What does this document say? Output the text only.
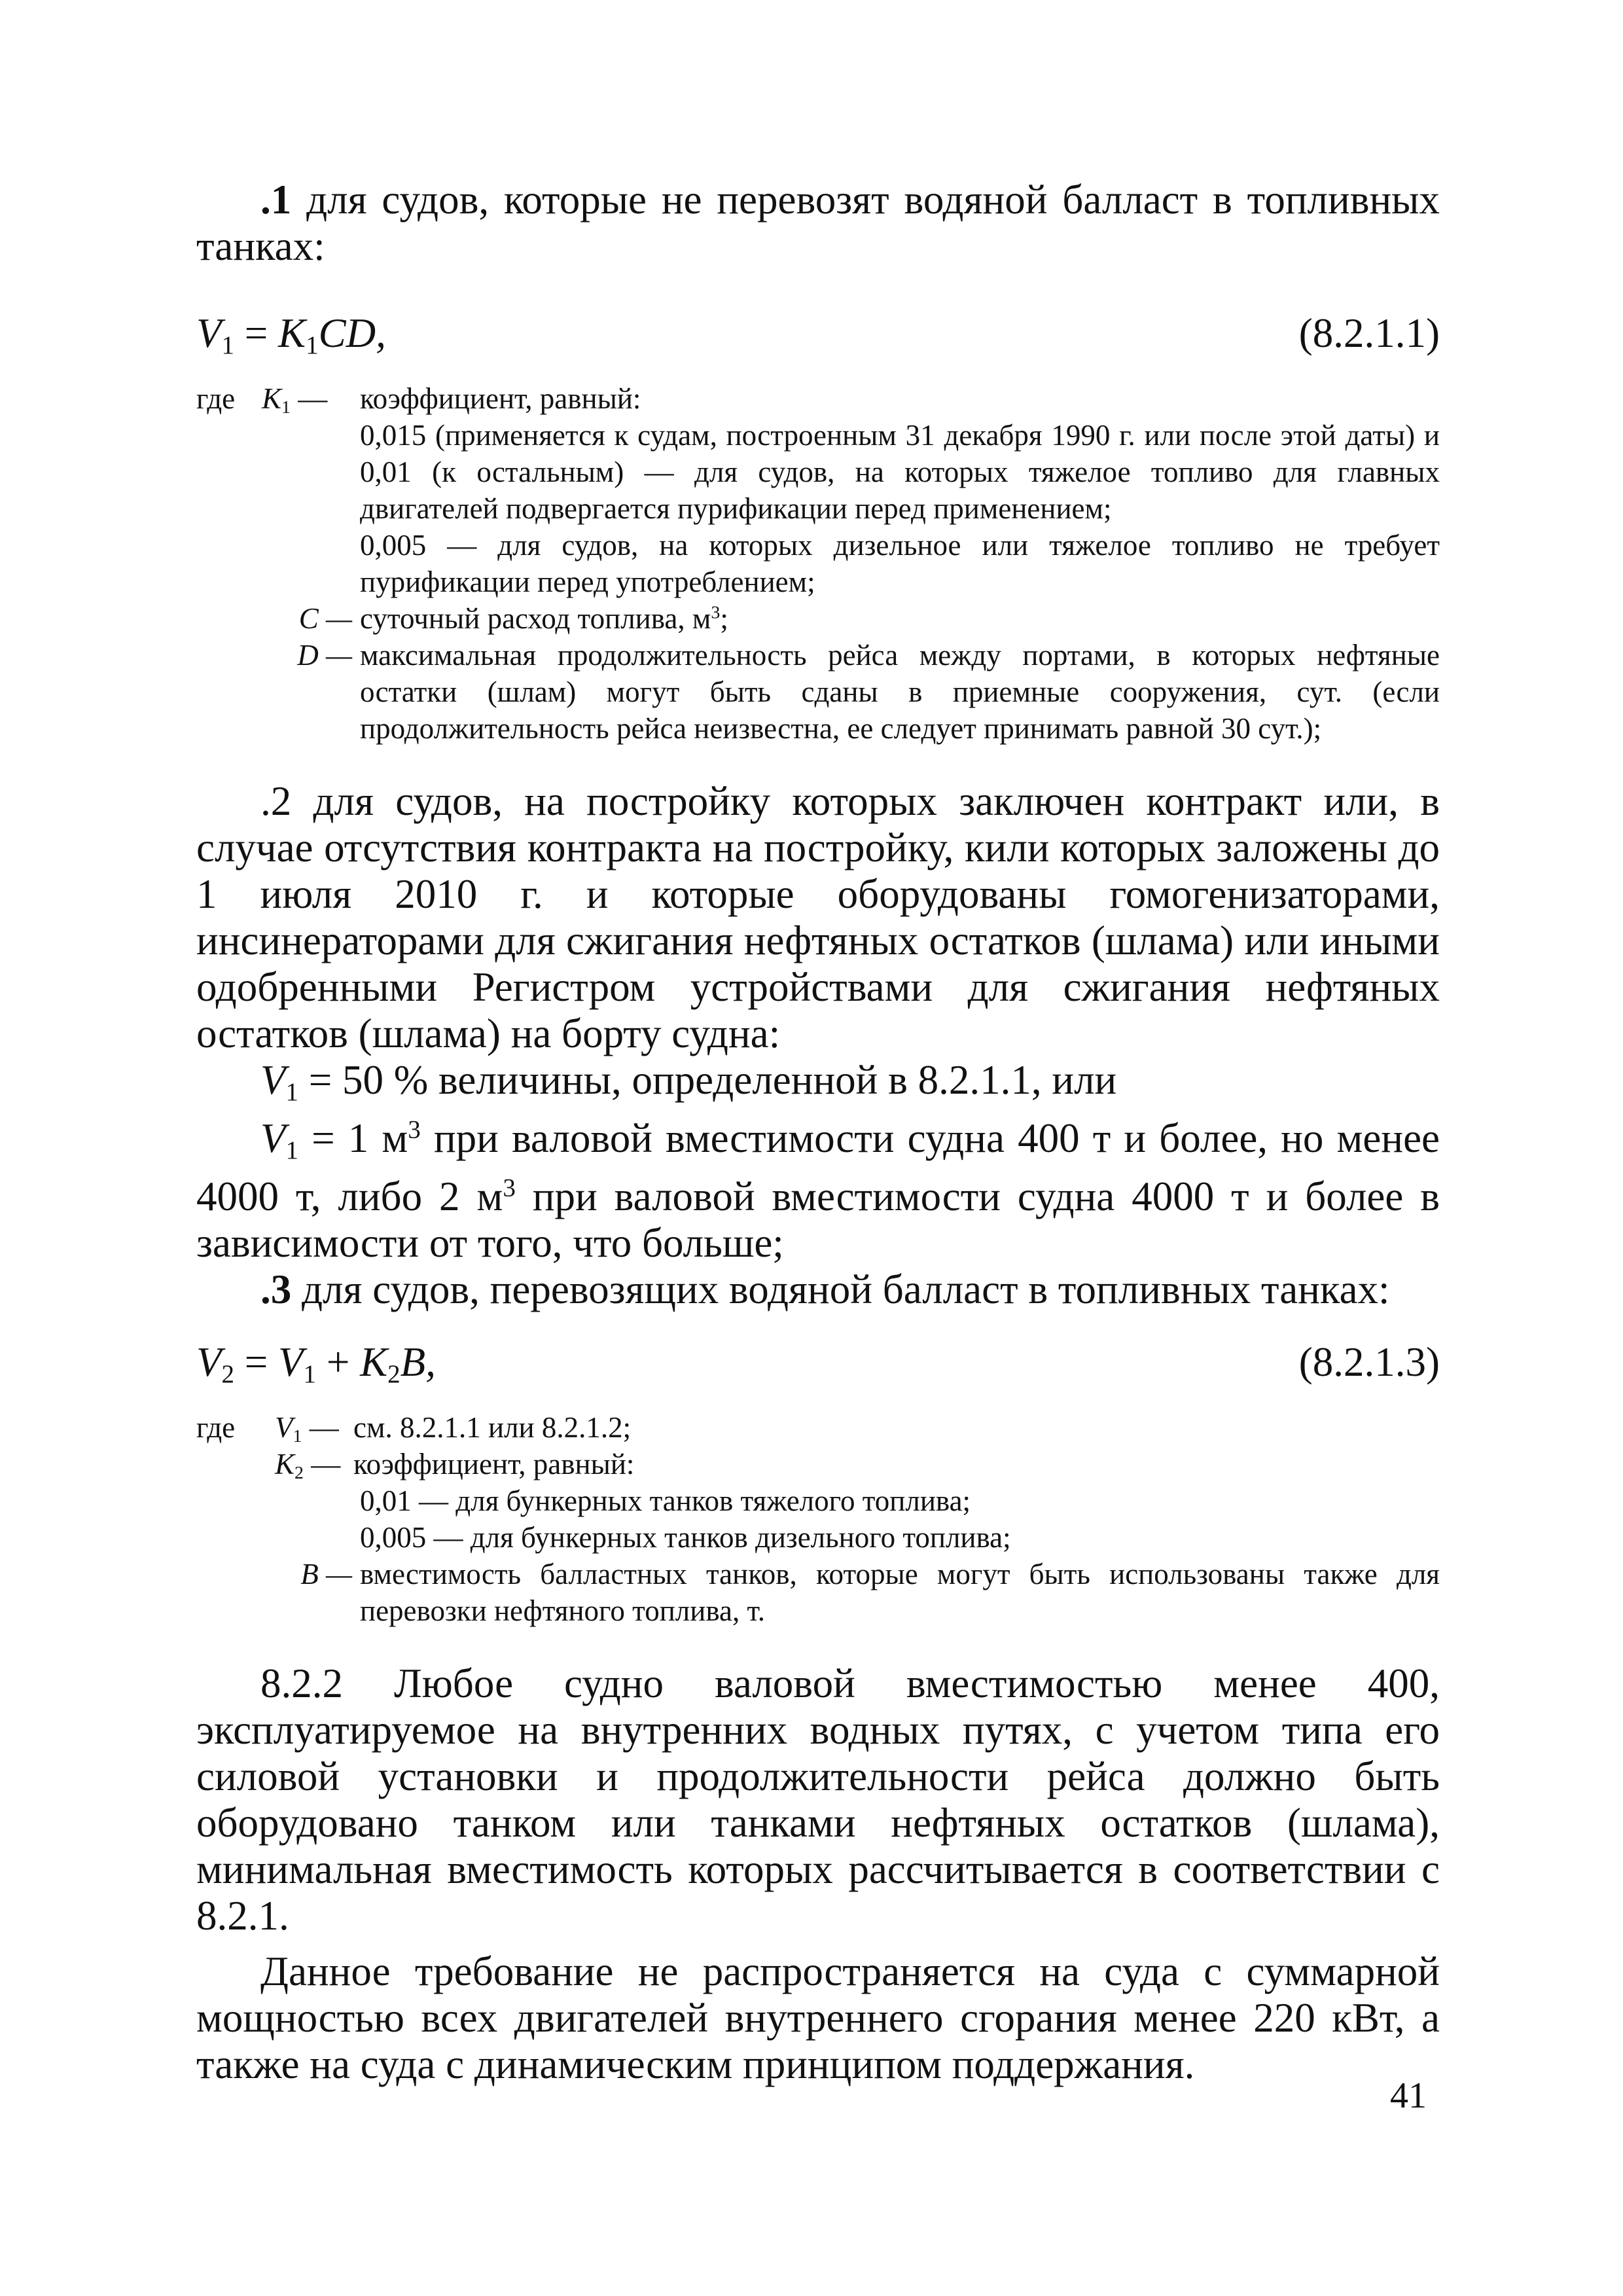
.1 для судов, которые не перевозят водяной балласт в топливных танках:

$V_1 = K_1CD$,	(8.2.1.1)
где $K_1$ —	коэффициент, равный:
0,015 (применяется к судам, построенным 31 декабря 1990 г. или после этой даты) и 0,01 (к остальным) — для судов, на которых тяжелое топливо для главных двигателей подвергается пурификации перед применением;
0,005 — для судов, на которых дизельное или тяжелое топливо не требует пурификации перед употреблением;
C — суточный расход топлива, $м^3$;
D — максимальная продолжительность рейса между портами, в которых нефтяные остатки (шлам) могут быть сданы в приемные сооружения, сут. (если продолжительность рейса неизвестна, ее следует принимать равной 30 сут.);

.2 для судов, на постройку которых заключен контракт или, в случае отсутствия контракта на постройку, кили которых заложены до 1 июля 2010 г. и которые оборудованы гомогенизаторами, инсинераторами для сжигания нефтяных остатков (шлама) или иными одобренными Регистром устройствами для сжигания нефтяных остатков (шлама) на борту судна:

$V_1 = 50$ % величины, определенной в 8.2.1.1, или

$V_1 = 1$ $м^3$ при валовой вместимости судна 400 т и более, но менее 4000 т, либо 2 $м^3$ при валовой вместимости судна 4000 т и более в зависимости от того, что больше;

.3 для судов, перевозящих водяной балласт в топливных танках:

$V_2 = V_1 + K_2B$,	(8.2.1.3)
где $V_1$ — см. 8.2.1.1 или 8.2.1.2;
$K_2$ — коэффициент, равный:
0,01 — для бункерных танков тяжелого топлива;
0,005 — для бункерных танков дизельного топлива;
B — вместимость балластных танков, которые могут быть использованы также для перевозки нефтяного топлива, т.

8.2.2 Любое судно валовой вместимостью менее 400, эксплуатируемое на внутренних водных путях, с учетом типа его силовой установки и продолжительности рейса должно быть оборудовано танком или танками нефтяных остатков (шлама), минимальная вместимость которых рассчитывается в соответствии с 8.2.1.

Данное требование не распространяется на суда с суммарной мощностью всех двигателей внутреннего сгорания менее 220 кВт, а также на суда с динамическим принципом поддержания.

41
